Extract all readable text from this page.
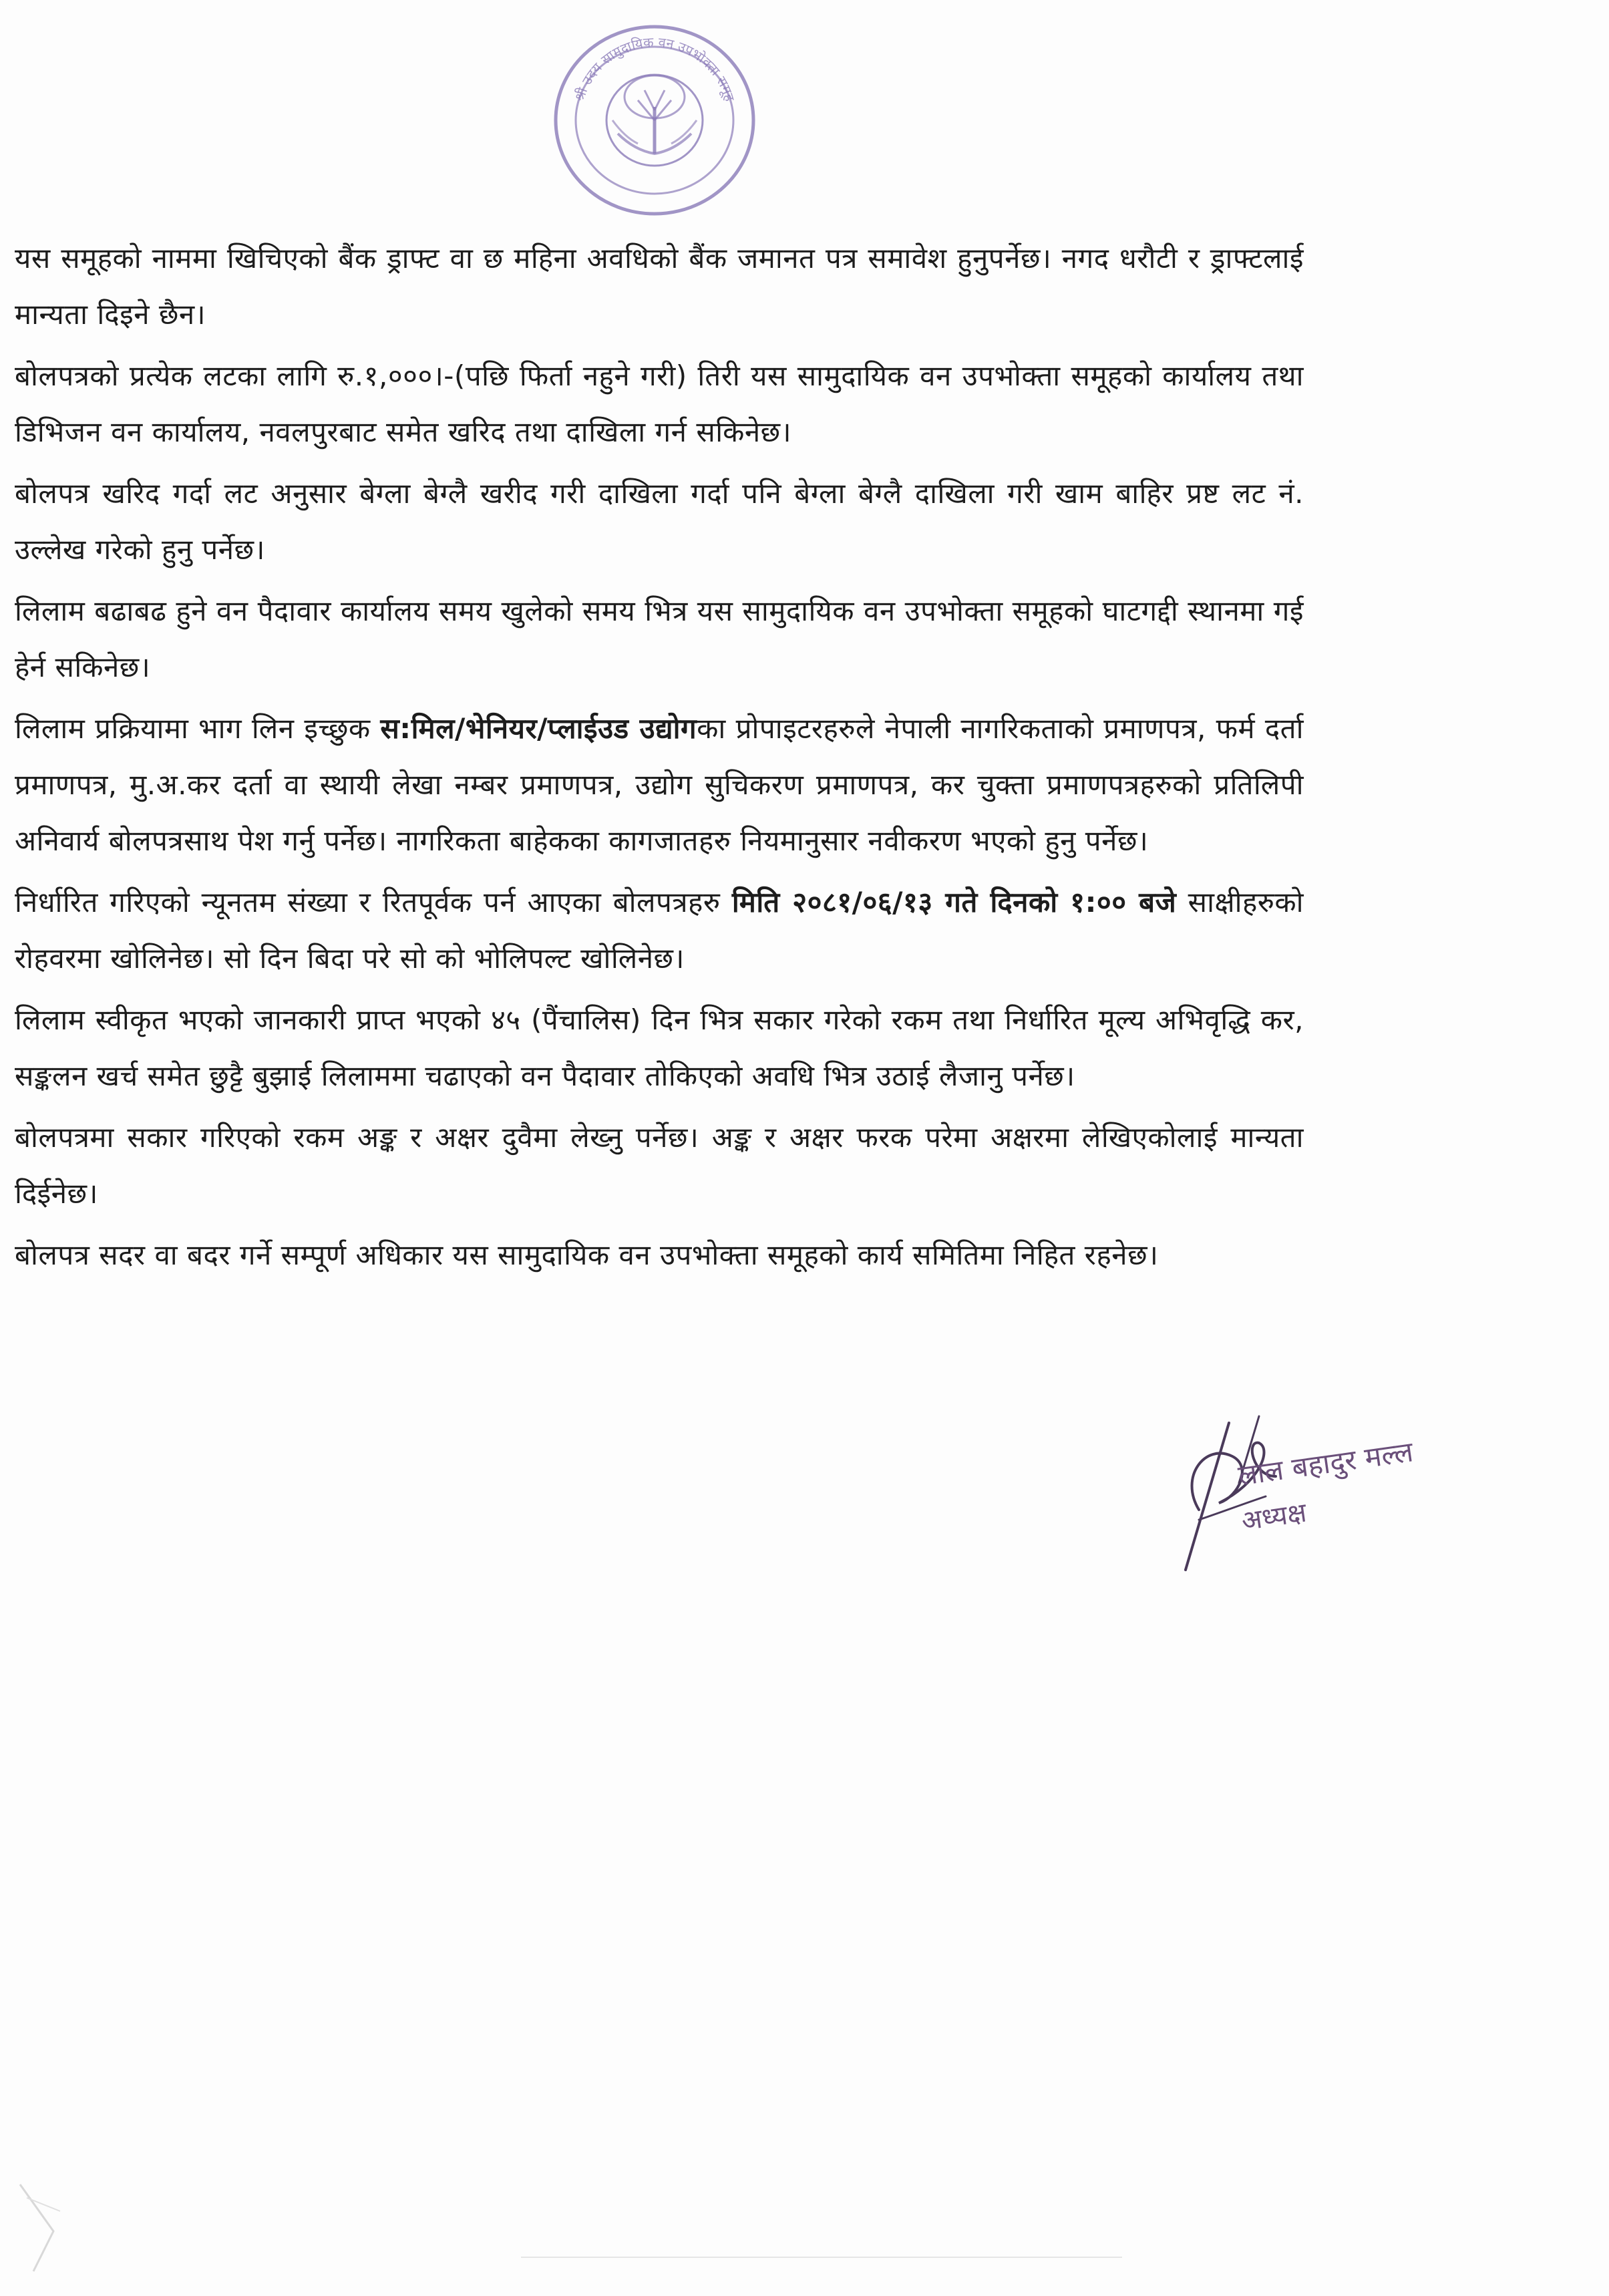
श्री उदय सामुदायिक वन उपभोक्ता समूह

यस समूहको नाममा खिचिएको बैंक ड्राफ्ट वा छ महिना अवधिको बैंक जमानत पत्र समावेश हुनुपर्नेछ। नगद धरौटी र ड्राफ्टलाई मान्यता दिइने छैन।

बोलपत्रको प्रत्येक लटका लागि रु.१,०००।-(पछि फिर्ता नहुने गरी) तिरी यस सामुदायिक वन उपभोक्ता समूहको कार्यालय तथा डिभिजन वन कार्यालय, नवलपुरबाट समेत खरिद तथा दाखिला गर्न सकिनेछ।

बोलपत्र खरिद गर्दा लट अनुसार बेग्ला बेग्लै खरीद गरी दाखिला गर्दा पनि बेग्ला बेग्लै दाखिला गरी खाम बाहिर प्रष्ट लट नं. उल्लेख गरेको हुनु पर्नेछ।

लिलाम बढाबढ हुने वन पैदावार कार्यालय समय खुलेको समय भित्र यस सामुदायिक वन उपभोक्ता समूहको घाटगद्दी स्थानमा गई हेर्न सकिनेछ।

लिलाम प्रक्रियामा भाग लिन इच्छुक स:मिल/भेनियर/प्लाईउड उद्योगका प्रोपाइटरहरुले नेपाली नागरिकताको प्रमाणपत्र, फर्म दर्ता प्रमाणपत्र, मु.अ.कर दर्ता वा स्थायी लेखा नम्बर प्रमाणपत्र, उद्योग सुचिकरण प्रमाणपत्र, कर चुक्ता प्रमाणपत्रहरुको प्रतिलिपी अनिवार्य बोलपत्रसाथ पेश गर्नु पर्नेछ। नागरिकता बाहेकका कागजातहरु नियमानुसार नवीकरण भएको हुनु पर्नेछ।

निर्धारित गरिएको न्यूनतम संख्या र रितपूर्वक पर्न आएका बोलपत्रहरु मिति २०८१/०६/१३ गते दिनको १:०० बजे साक्षीहरुको रोहवरमा खोलिनेछ। सो दिन बिदा परे सो को भोलिपल्ट खोलिनेछ।

लिलाम स्वीकृत भएको जानकारी प्राप्त भएको ४५ (पैंचालिस) दिन भित्र सकार गरेको रकम तथा निर्धारित मूल्य अभिवृद्धि कर, सङ्कलन खर्च समेत छुट्टै बुझाई लिलाममा चढाएको वन पैदावार तोकिएको अवधि भित्र उठाई लैजानु पर्नेछ।

बोलपत्रमा सकार गरिएको रकम अङ्क र अक्षर दुवैमा लेख्नु पर्नेछ। अङ्क र अक्षर फरक परेमा अक्षरमा लेखिएकोलाई मान्यता दिईनेछ।

बोलपत्र सदर वा बदर गर्ने सम्पूर्ण अधिकार यस सामुदायिक वन उपभोक्ता समूहको कार्य समितिमा निहित रहनेछ।

लाल बहादुर मल्ल
अध्यक्ष
